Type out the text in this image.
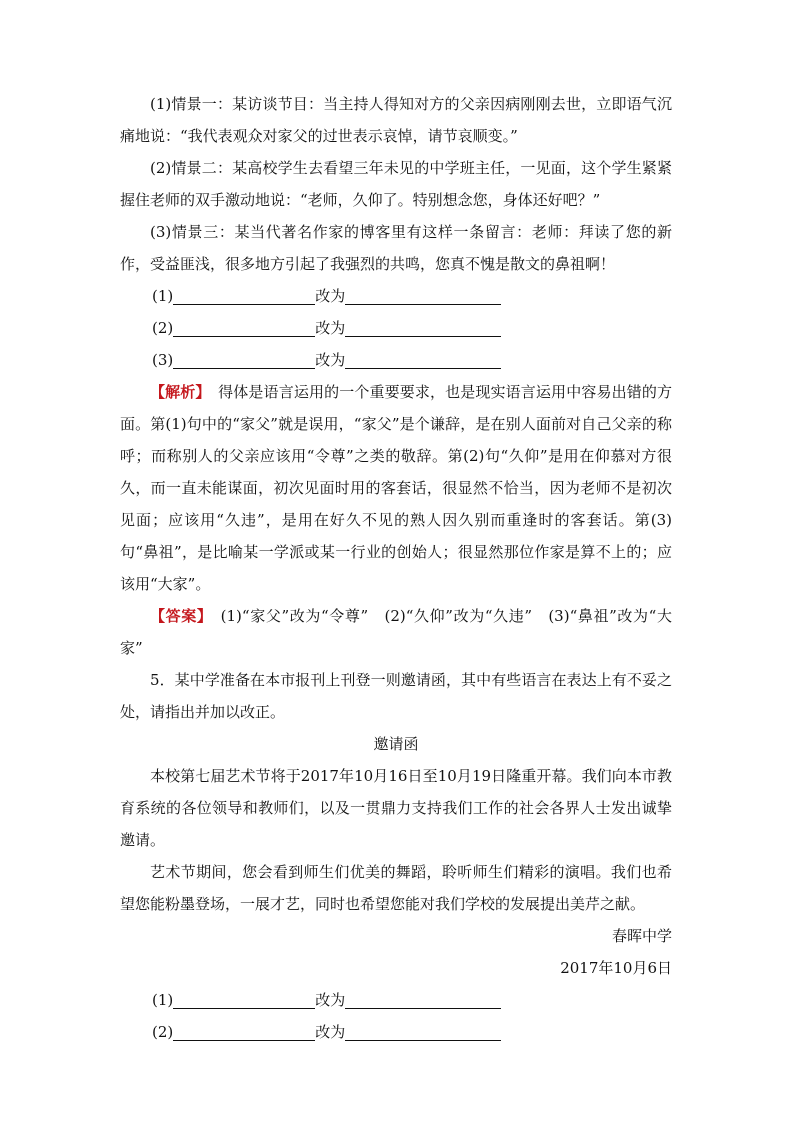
(1)情景一：某访谈节目：当主持人得知对方的父亲因病刚刚去世，立即语气沉痛地说：“我代表观众对家父的过世表示哀悼，请节哀顺变。”

(2)情景二：某高校学生去看望三年未见的中学班主任，一见面，这个学生紧紧握住老师的双手激动地说：“老师，久仰了。特别想念您，身体还好吧？”

(3)情景三：某当代著名作家的博客里有这样一条留言：老师：拜读了您的新作，受益匪浅，很多地方引起了我强烈的共鸣，您真不愧是散文的鼻祖啊！

(1)	改为
(2)	改为
(3)	改为

【解析】　得体是语言运用的一个重要要求，也是现实语言运用中容易出错的方面。第(1)句中的“家父”就是误用，“家父”是个谦辞，是在别人面前对自己父亲的称呼；而称别人的父亲应该用“令尊”之类的敬辞。第(2)句“久仰”是用在仰慕对方很久，而一直未能谋面，初次见面时用的客套话，很显然不恰当，因为老师不是初次见面；应该用“久违”，是用在好久不见的熟人因久别而重逢时的客套话。第(3)句“鼻祖”，是比喻某一学派或某一行业的创始人；很显然那位作家是算不上的；应该用“大家”。

【答案】　(1)“家父”改为“令尊”　(2)“久仰”改为“久违”　(3)“鼻祖”改为“大家”

5．某中学准备在本市报刊上刊登一则邀请函，其中有些语言在表达上有不妥之处，请指出并加以改正。

邀请函

本校第七届艺术节将于2017年10月16日至10月19日隆重开幕。我们向本市教育系统的各位领导和教师们，以及一贯鼎力支持我们工作的社会各界人士发出诚挚邀请。

艺术节期间，您会看到师生们优美的舞蹈，聆听师生们精彩的演唱。我们也希望您能粉墨登场，一展才艺，同时也希望您能对我们学校的发展提出美芹之献。

春晖中学

2017年10月6日

(1)	改为
(2)	改为
